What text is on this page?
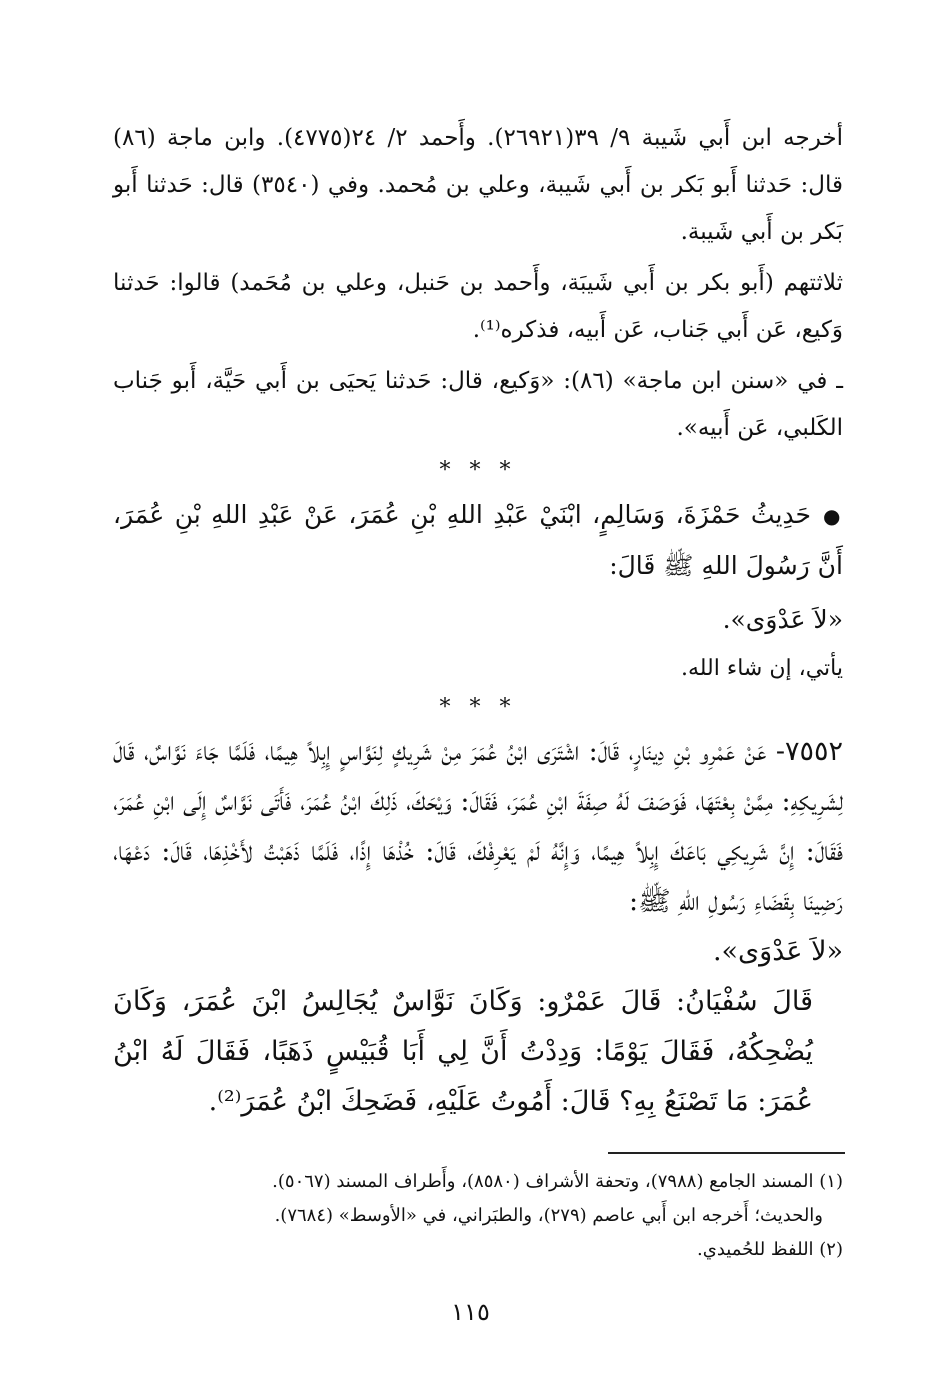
أخرجه ابن أَبي شَيبة ٩/ ٣٩(٢٦٩٢١). وأَحمد ٢/ ٢٤(٤٧٧٥). وابن ماجة (٨٦) قال: حَدثنا أَبو بَكر بن أَبي شَيبة، وعلي بن مُحمد. وفي (٣٥٤٠) قال: حَدثنا أَبو بَكر بن أَبي شَيبة.

ثلاثتهم (أَبو بكر بن أَبي شَيبَة، وأَحمد بن حَنبل، وعلي بن مُحَمد) قالوا: حَدثنا وَكيع، عَن أَبي جَناب، عَن أَبيه، فذكره⁽¹⁾.

ـ في «سنن ابن ماجة» (٨٦): «وَكيع، قال: حَدثنا يَحيَى بن أَبي حَيَّة، أَبو جَناب الكَلبي، عَن أَبيه».

* * *

●حَدِيثُ حَمْزَةَ، وَسَالِمٍ، ابْنَيْ عَبْدِ اللهِ بْنِ عُمَرَ، عَنْ عَبْدِ اللهِ بْنِ عُمَرَ، أَنَّ رَسُولَ اللهِ ﷺ قَالَ:

«لاَ عَدْوَى».

يأتي، إن شاء الله.

* * *

٧٥٥٢- عَنْ عَمْرِو بْنِ دِينَارٍ، قَالَ: اشْتَرَى ابْنُ عُمَرَ مِنْ شَرِيكٍ لِنَوَّاسٍ إِبِلاً هِيمًا، فَلَمَّا جَاءَ نَوَّاسٌ، قَالَ لِشَرِيكِهِ: مِمَّنْ بِعْتَهَا، فَوَصَفَ لَهُ صِفَةَ ابْنِ عُمَرَ، فَقَالَ: وَيْحَكَ، ذَلِكَ ابْنُ عُمَرَ، فَأَتَى نَوَّاسٌ إِلَى ابْنِ عُمَرَ، فَقَالَ: إِنَّ شَرِيكِي بَاعَكَ إِبِلاً هِيمًا، وَإِنَّهُ لَمْ يَعْرِفْكَ، قَالَ: خُذْهَا إِذًا، فَلَمَّا ذَهَبْتُ لأَخْذِهَا، قَالَ: دَعْهَا، رَضِينَا بِقَضَاءِ رَسُولِ اللهِ ﷺ:

«لاَ عَدْوَى».

قَالَ سُفْيَانُ: قَالَ عَمْرٌو: وَكَانَ نَوَّاسٌ يُجَالِسُ ابْنَ عُمَرَ، وَكَانَ يُضْحِكُهُ، فَقَالَ يَوْمًا: وَدِدْتُ أَنَّ لِي أَبَا قُبَيْسٍ ذَهَبًا، فَقَالَ لَهُ ابْنُ عُمَرَ: مَا تَصْنَعُ بِهِ؟ قَالَ: أَمُوتُ عَلَيْهِ، فَضَحِكَ ابْنُ عُمَرَ⁽²⁾.

(١) المسند الجامع (٧٩٨٨)، وتحفة الأشراف (٨٥٨٠)، وأَطراف المسند (٥٠٦٧).

والحديث؛ أَخرجه ابن أَبي عاصم (٢٧٩)، والطبَراني، في «الأوسط» (٧٦٨٤).

(٢) اللفظ للحُميدي.

١١٥
